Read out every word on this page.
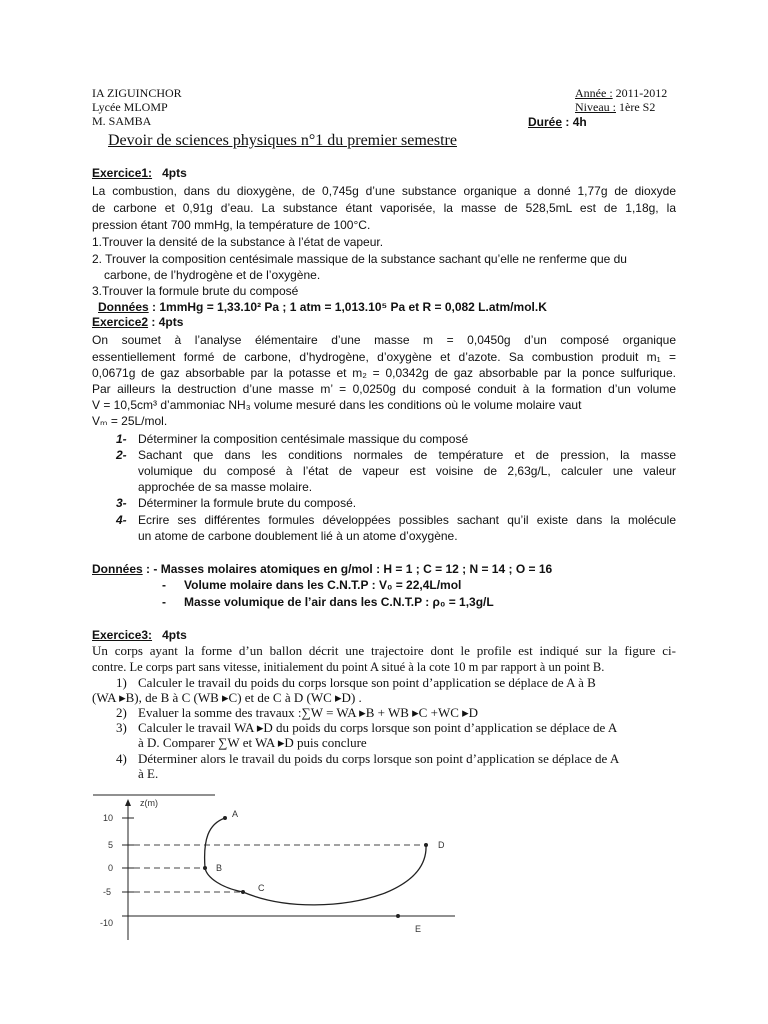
IA ZIGUINCHOR
Lycée MLOMP
M. SAMBA
Année : 2011-2012
Niveau : 1ère S2
Durée : 4h
Devoir de sciences physiques n°1 du premier semestre
Exercice1: 4pts
La combustion, dans du dioxygène, de 0,745g d’une substance organique a donné 1,77g de dioxyde
de carbone et 0,91g d’eau. La substance étant vaporisée, la masse de 528,5mL est de 1,18g, la
pression étant 700 mmHg, la température de 100°C.
1.Trouver la densité de la substance à l’état de vapeur.
2. Trouver la composition centésimale massique de la substance sachant qu’elle ne renferme que du
carbone, de l’hydrogène et de l’oxygène.
3.Trouver la formule brute du composé
Données : 1mmHg = 1,33.10² Pa ; 1 atm = 1,013.10⁵ Pa et R = 0,082 L.atm/mol.K
Exercice2 : 4pts
On soumet à l’analyse élémentaire d’une masse m = 0,0450g d’un composé organique
essentiellement formé de carbone, d’hydrogène, d’oxygène et d’azote. Sa combustion produit m₁ =
0,0671g de gaz absorbable par la potasse et m₂ = 0,0342g de gaz absorbable par la ponce sulfurique.
Par ailleurs la destruction d’une masse m’ = 0,0250g du composé conduit à la formation d’un volume
V = 10,5cm³ d’ammoniac NH₃ volume mesuré dans les conditions où le volume molaire vaut
Vₘ = 25L/mol.
1- Déterminer la composition centésimale massique du composé
2- Sachant que dans les conditions normales de température et de pression, la masse
volumique du composé à l’état de vapeur est voisine de 2,63g/L, calculer une valeur
approchée de sa masse molaire.
3- Déterminer la formule brute du composé.
4- Ecrire ses différentes formules développées possibles sachant qu’il existe dans la molécule
un atome de carbone doublement lié à un atome d’oxygène.
Données : - Masses molaires atomiques en g/mol : H = 1 ; C = 12 ; N = 14 ; O = 16
- Volume molaire dans les C.N.T.P : V₀ = 22,4L/mol
- Masse volumique de l’air dans les C.N.T.P : ρ₀ = 1,3g/L
Exercice3: 4pts
Un corps ayant la forme d’un ballon décrit une trajectoire dont le profile est indiqué sur la figure ci-
contre. Le corps part sans vitesse, initialement du point A situé à la cote 10 m par rapport à un point B.
1) Calculer le travail du poids du corps lorsque son point d’application se déplace de A à B
(WA ▸B), de B à C (WB ▸C) et de C à D (WC ▸D) .
2) Evaluer la somme des travaux :∑W = WA ▸B + WB ▸C +WC ▸D
3) Calculer le travail WA ▸D du poids du corps lorsque son point d’application se déplace de A
à D. Comparer ∑W et WA ▸D puis conclure
4) Déterminer alors le travail du poids du corps lorsque son point d’application se déplace de A
à E.
z(m)
10
5
0
-5
-10
A
B
C
D
E
